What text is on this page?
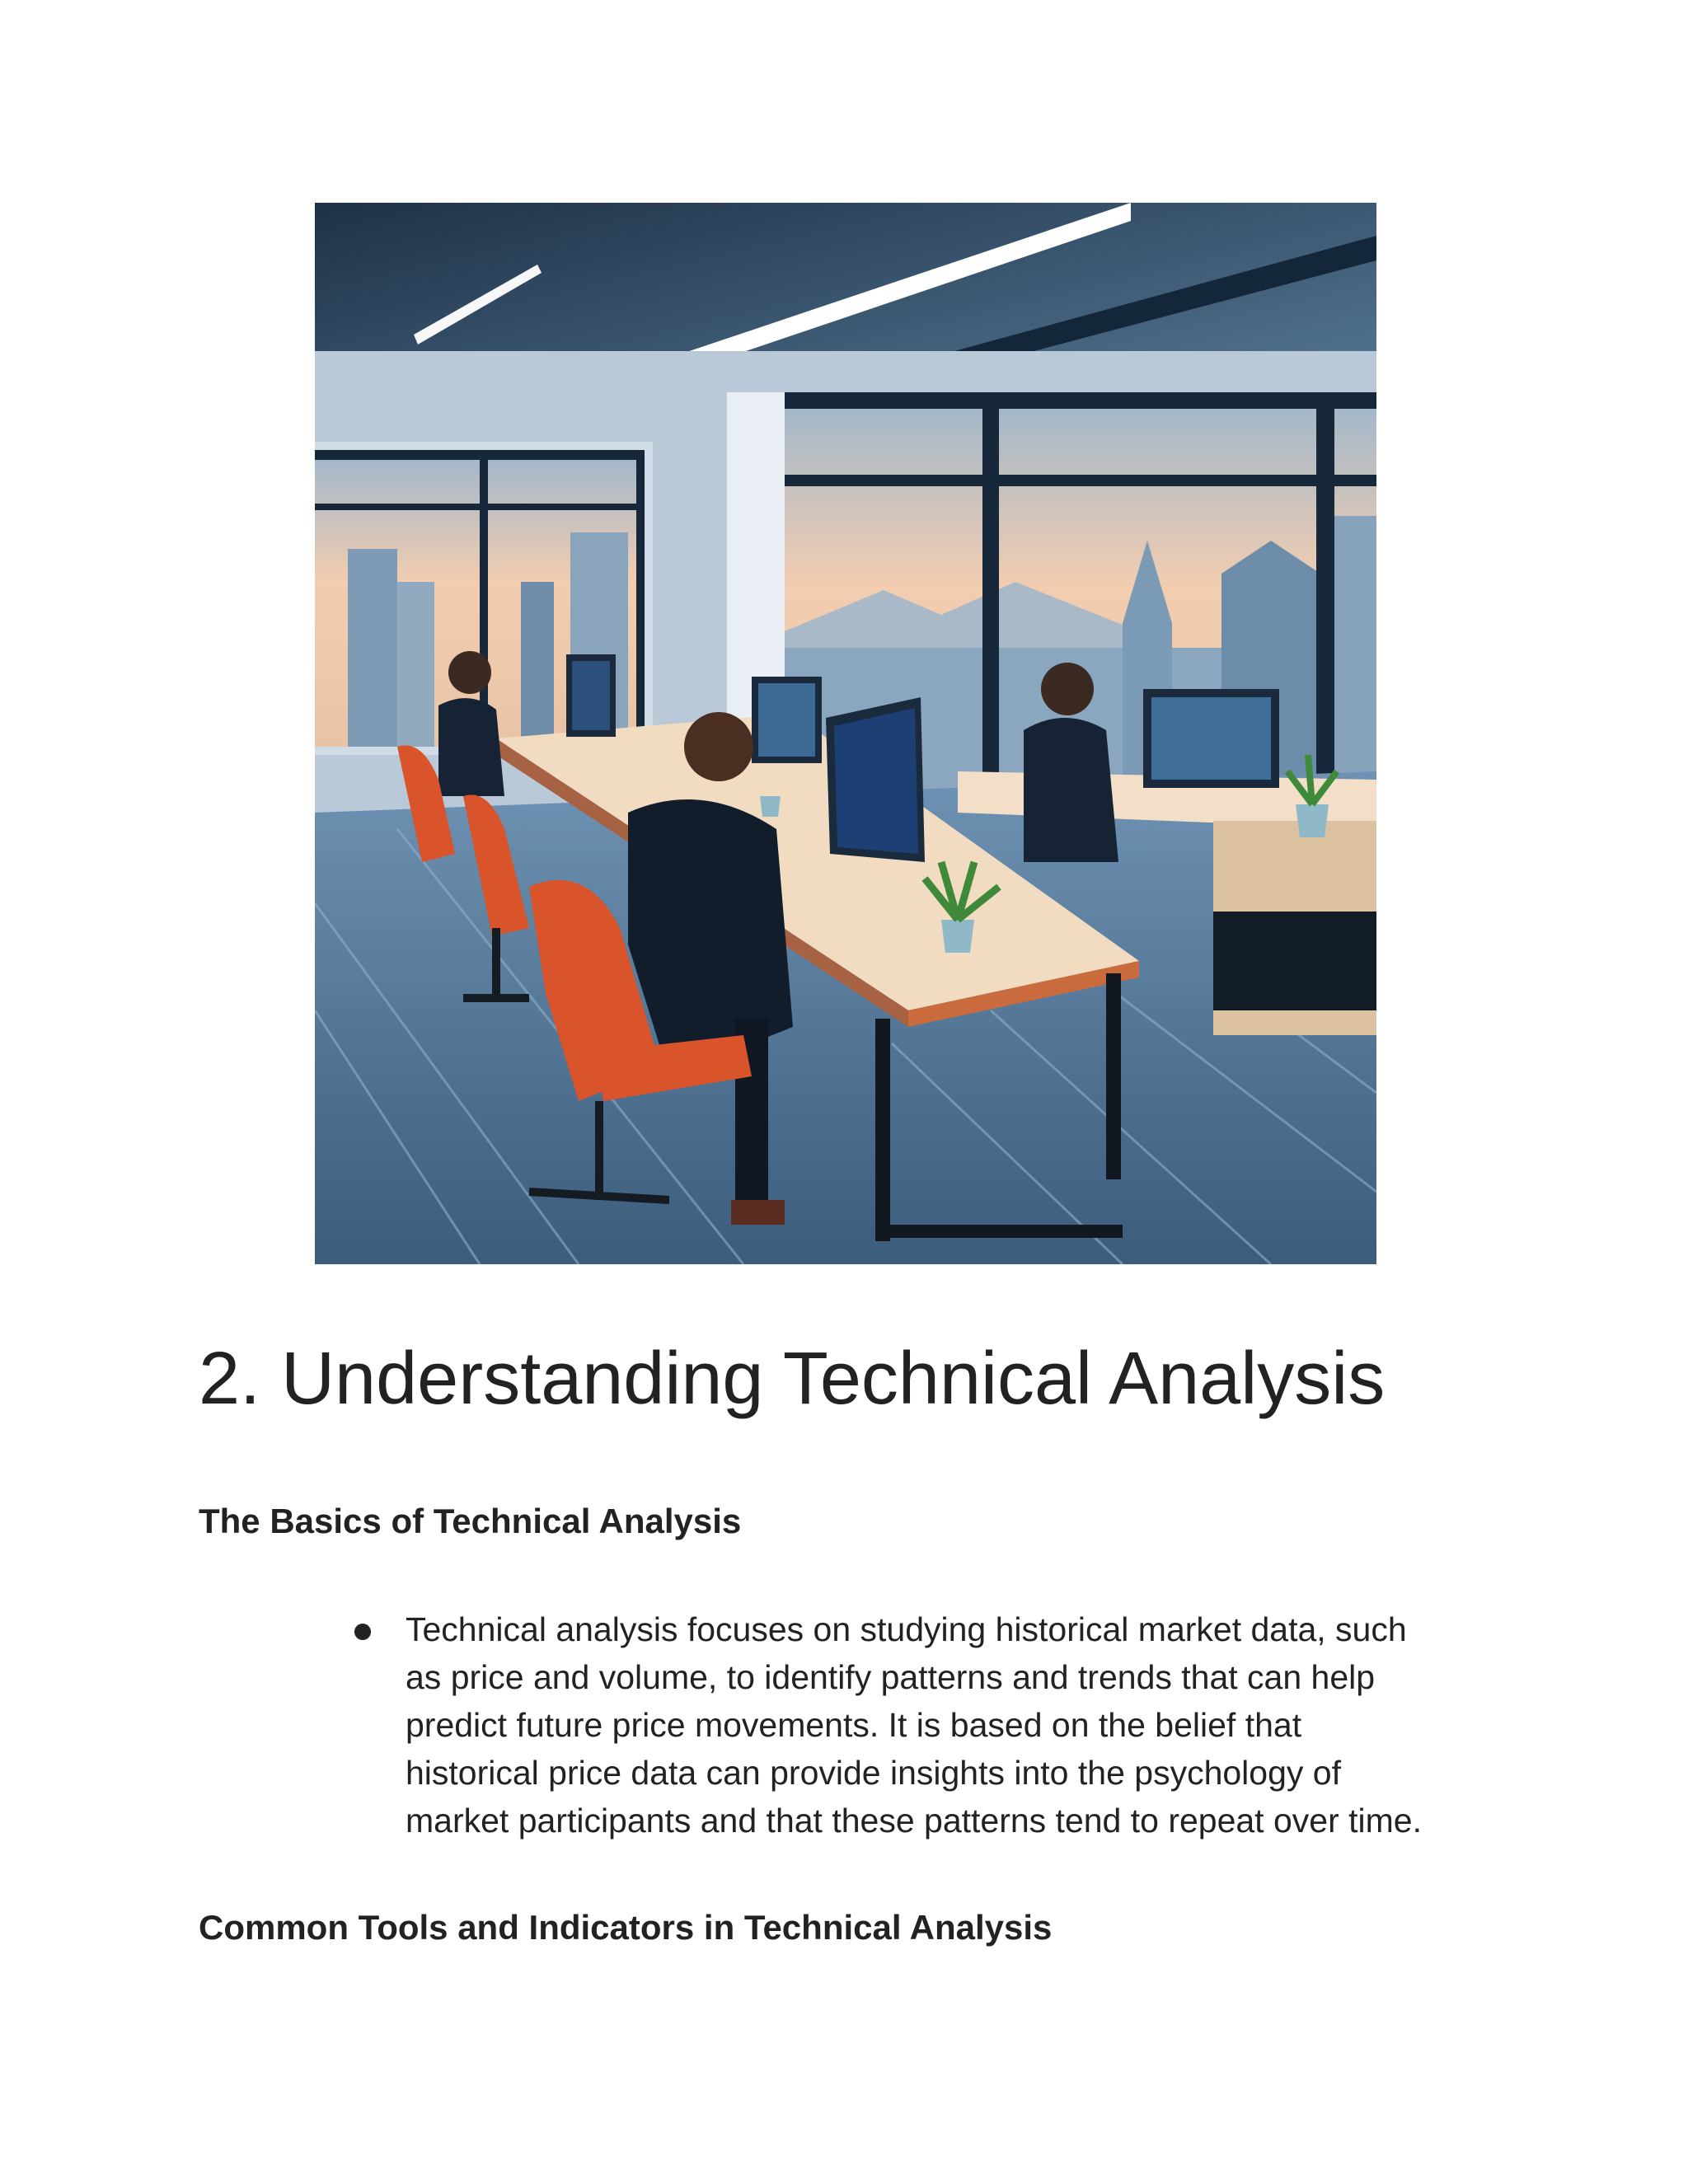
2. Understanding Technical Analysis
The Basics of Technical Analysis
Technical analysis focuses on studying historical market data, such
as price and volume, to identify patterns and trends that can help
predict future price movements. It is based on the belief that
historical price data can provide insights into the psychology of
market participants and that these patterns tend to repeat over time.
Common Tools and Indicators in Technical Analysis
